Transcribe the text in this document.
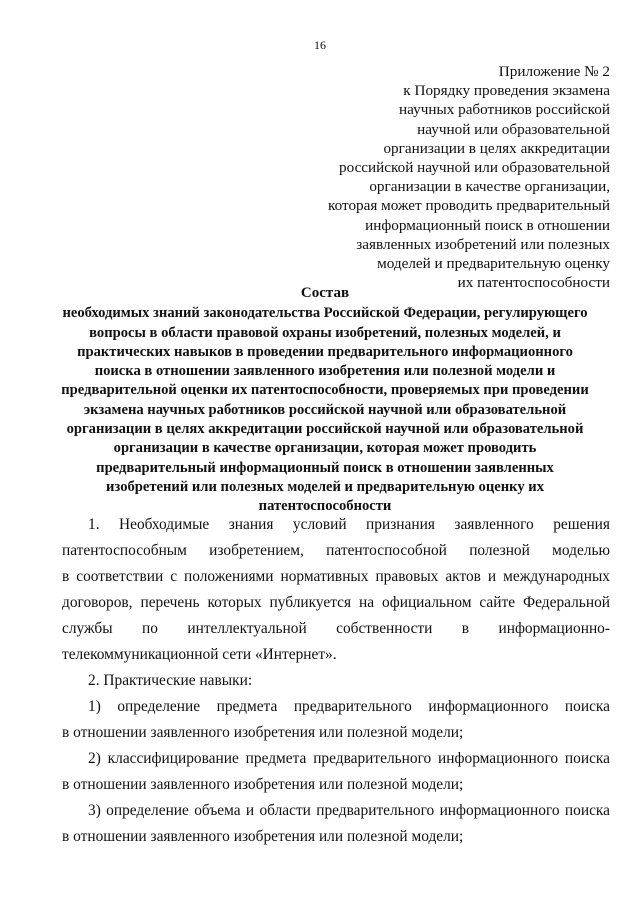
16
Приложение № 2
к Порядку проведения экзамена
научных работников российской
научной или образовательной
организации в целях аккредитации
российской научной или образовательной
организации в качестве организации,
которая может проводить предварительный
информационный поиск в отношении
заявленных изобретений или полезных
моделей и предварительную оценку
их патентоспособности
Состав
необходимых знаний законодательства Российской Федерации, регулирующего
вопросы в области правовой охраны изобретений, полезных моделей, и
практических навыков в проведении предварительного информационного
поиска в отношении заявленного изобретения или полезной модели и
предварительной оценки их патентоспособности, проверяемых при проведении
экзамена научных работников российской научной или образовательной
организации в целях аккредитации российской научной или образовательной
организации в качестве организации, которая может проводить
предварительный информационный поиск в отношении заявленных
изобретений или полезных моделей и предварительную оценку их
патентоспособности
1. Необходимые знания условий признания заявленного решения
патентоспособным изобретением, патентоспособной полезной моделью
в соответствии с положениями нормативных правовых актов и международных
договоров, перечень которых публикуется на официальном сайте Федеральной
службы по интеллектуальной собственности в информационно-
телекоммуникационной сети «Интернет».
2. Практические навыки:
1) определение предмета предварительного информационного поиска
в отношении заявленного изобретения или полезной модели;
2) классифицирование предмета предварительного информационного поиска
в отношении заявленного изобретения или полезной модели;
3) определение объема и области предварительного информационного поиска
в отношении заявленного изобретения или полезной модели;
